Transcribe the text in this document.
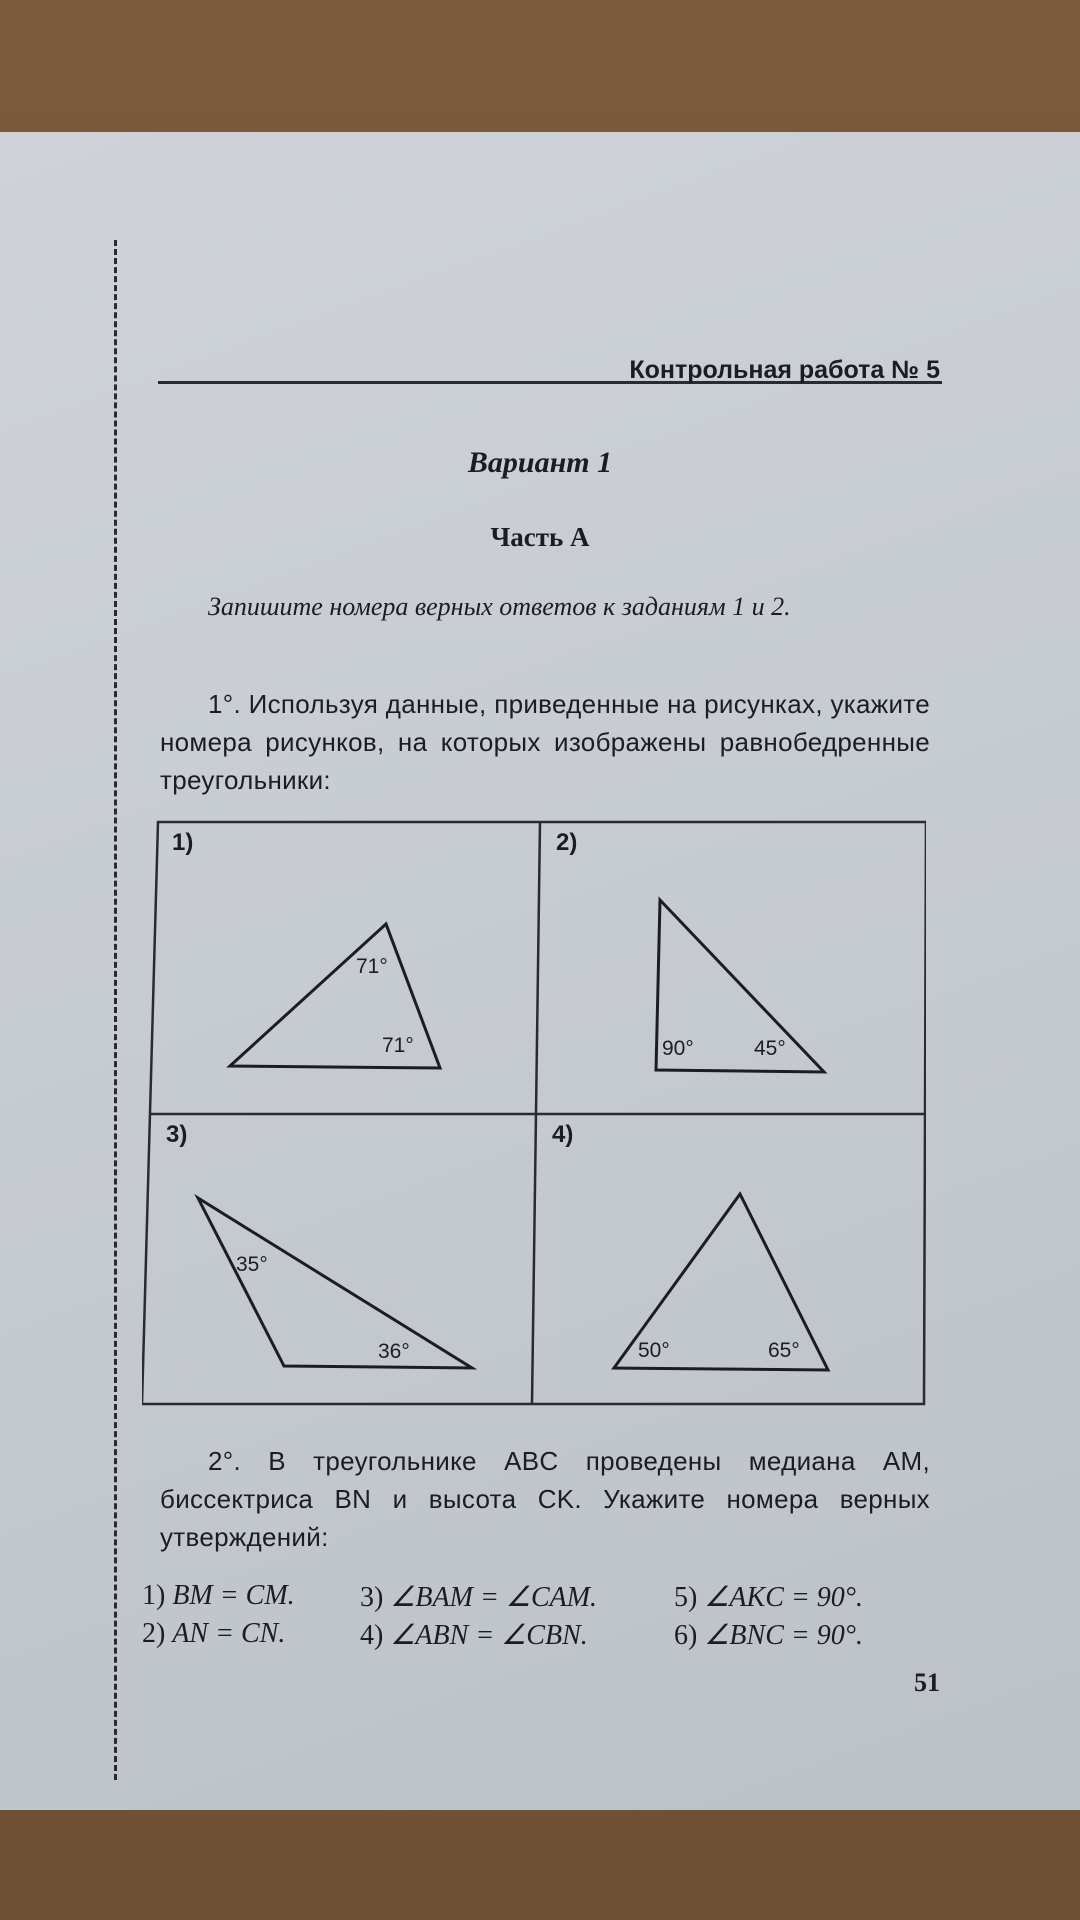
Контрольная работа № 5
Вариант 1
Часть А
Запишите номера верных ответов к заданиям 1 и 2.
1°. Используя данные, приведенные на рисунках, укажите номера рисунков, на которых изображены равнобедренные треугольники:
1)
71°
71°
2)
90°	45°
3)
35°
36°
4)
50°	65°
2°. В треугольнике ABC проведены медиана AM, биссектриса BN и высота CK. Укажите номера верных утверждений:
1) BM = CM. 3) ∠BAM = ∠CAM.	5) ∠AKC = 90°.
2) AN = CN.	4) ∠ABN = ∠CBN.	6) ∠BNC = 90°.
51
